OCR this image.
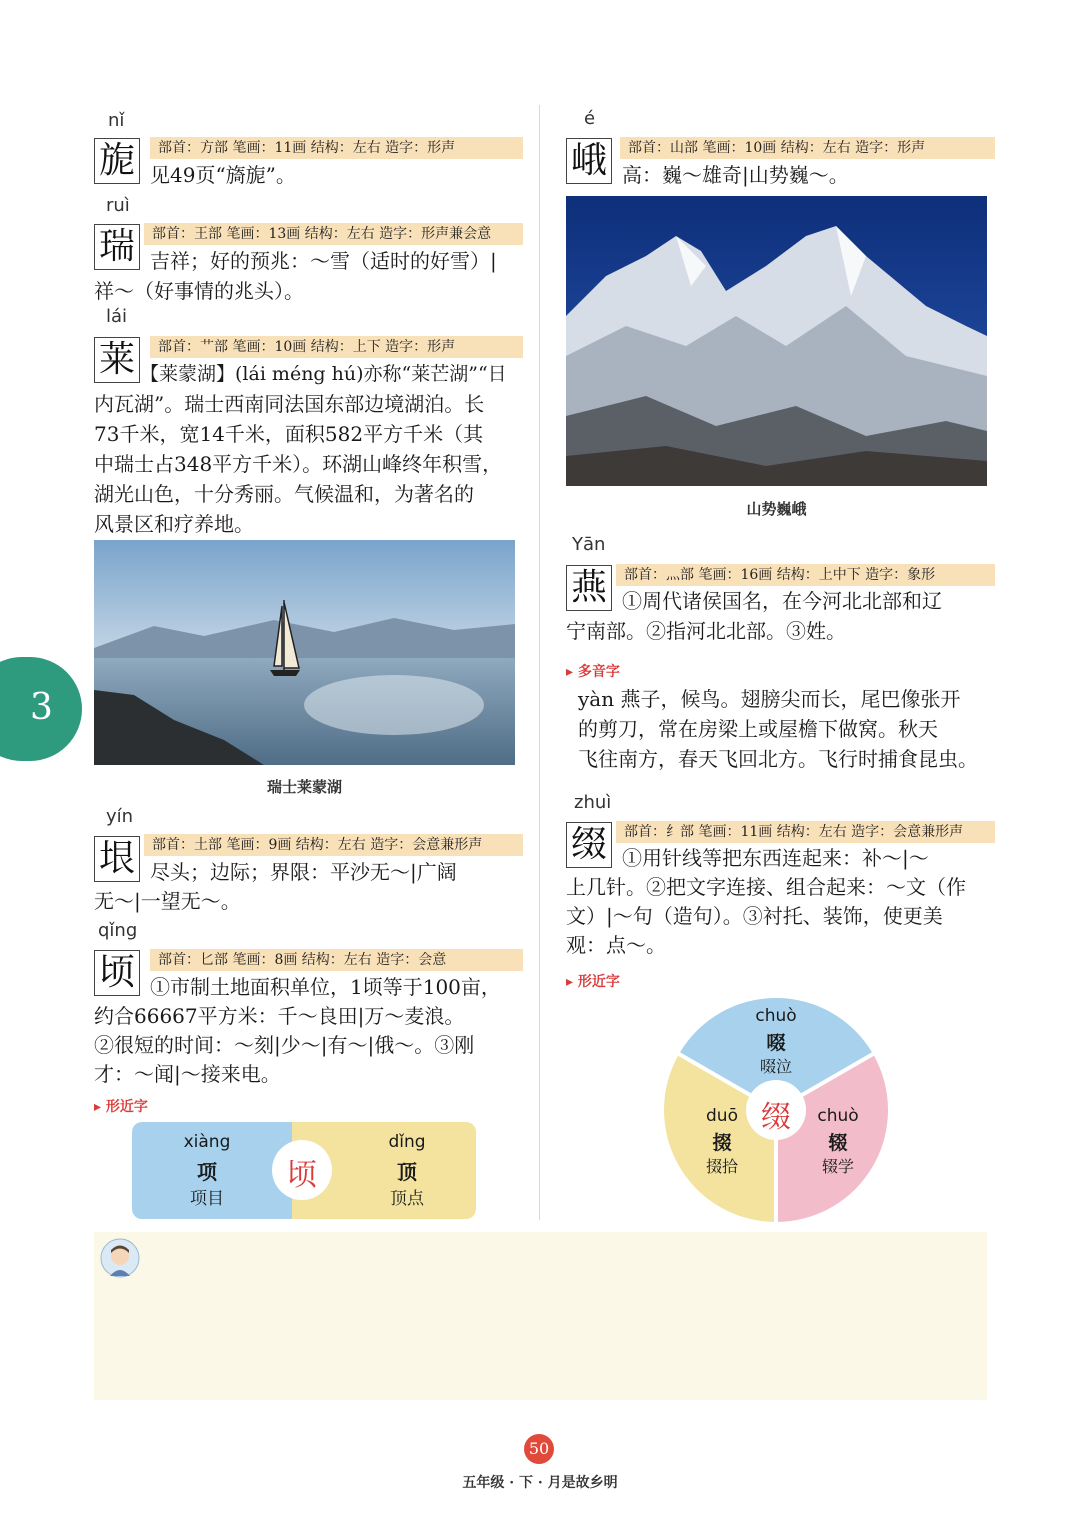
3
nǐ
旎	部首：方部 笔画：11画 结构：左右 造字：形声

见49页“旖旎”。

ruì
瑞	部首：王部 笔画：13画 结构：左右 造字：形声兼会意

吉祥；好的预兆：～雪（适时的好雪）|

祥～（好事情的兆头）。

lái
莱	部首：艹部 笔画：10画 结构：上下 造字：形声

【莱蒙湖】(lái méng hú)亦称“莱芒湖”“日

内瓦湖”。瑞士西南同法国东部边境湖泊。长

73千米，宽14千米，面积582平方千米（其

中瑞士占348平方千米）。环湖山峰终年积雪，

湖光山色，十分秀丽。气候温和，为著名的

风景区和疗养地。

瑞士莱蒙湖
yín
垠	部首：土部 笔画：9画 结构：左右 造字：会意兼形声

尽头；边际；界限：平沙无～|广阔

无～|一望无～。

qǐng
顷	部首：匕部 笔画：8画 结构：左右 造字：会意

①市制土地面积单位，1顷等于100亩，

约合66667平方米：千～良田|万～麦浪。

②很短的时间：～刻|少～|有～|俄～。③刚

才：～闻|～接来电。

▸ 形近字
顷
xiàng
项
项目
dǐng
顶
顶点
é
峨	部首：山部 笔画：10画 结构：左右 造字：形声

高：巍～雄奇|山势巍～。

山势巍峨
Yān
燕	部首：灬部 笔画：16画 结构：上中下 造字：象形

①周代诸侯国名，在今河北北部和辽

宁南部。②指河北北部。③姓。

▸ 多音字

yàn 燕子，候鸟。翅膀尖而长，尾巴像张开

的剪刀，常在房梁上或屋檐下做窝。秋天

飞往南方，春天飞回北方。飞行时捕食昆虫。

zhuì
缀	部首：纟部 笔画：11画 结构：左右 造字：会意兼形声

①用针线等把东西连起来：补～|～

上几针。②把文字连接、组合起来：～文（作

文）|～句（造句）。③衬托、装饰，使更美

观：点～。

▸ 形近字
缀
chuò
啜
啜泣
duō
掇
掇拾
chuò
辍
辍学
50
五年级 · 下 · 月是故乡明
